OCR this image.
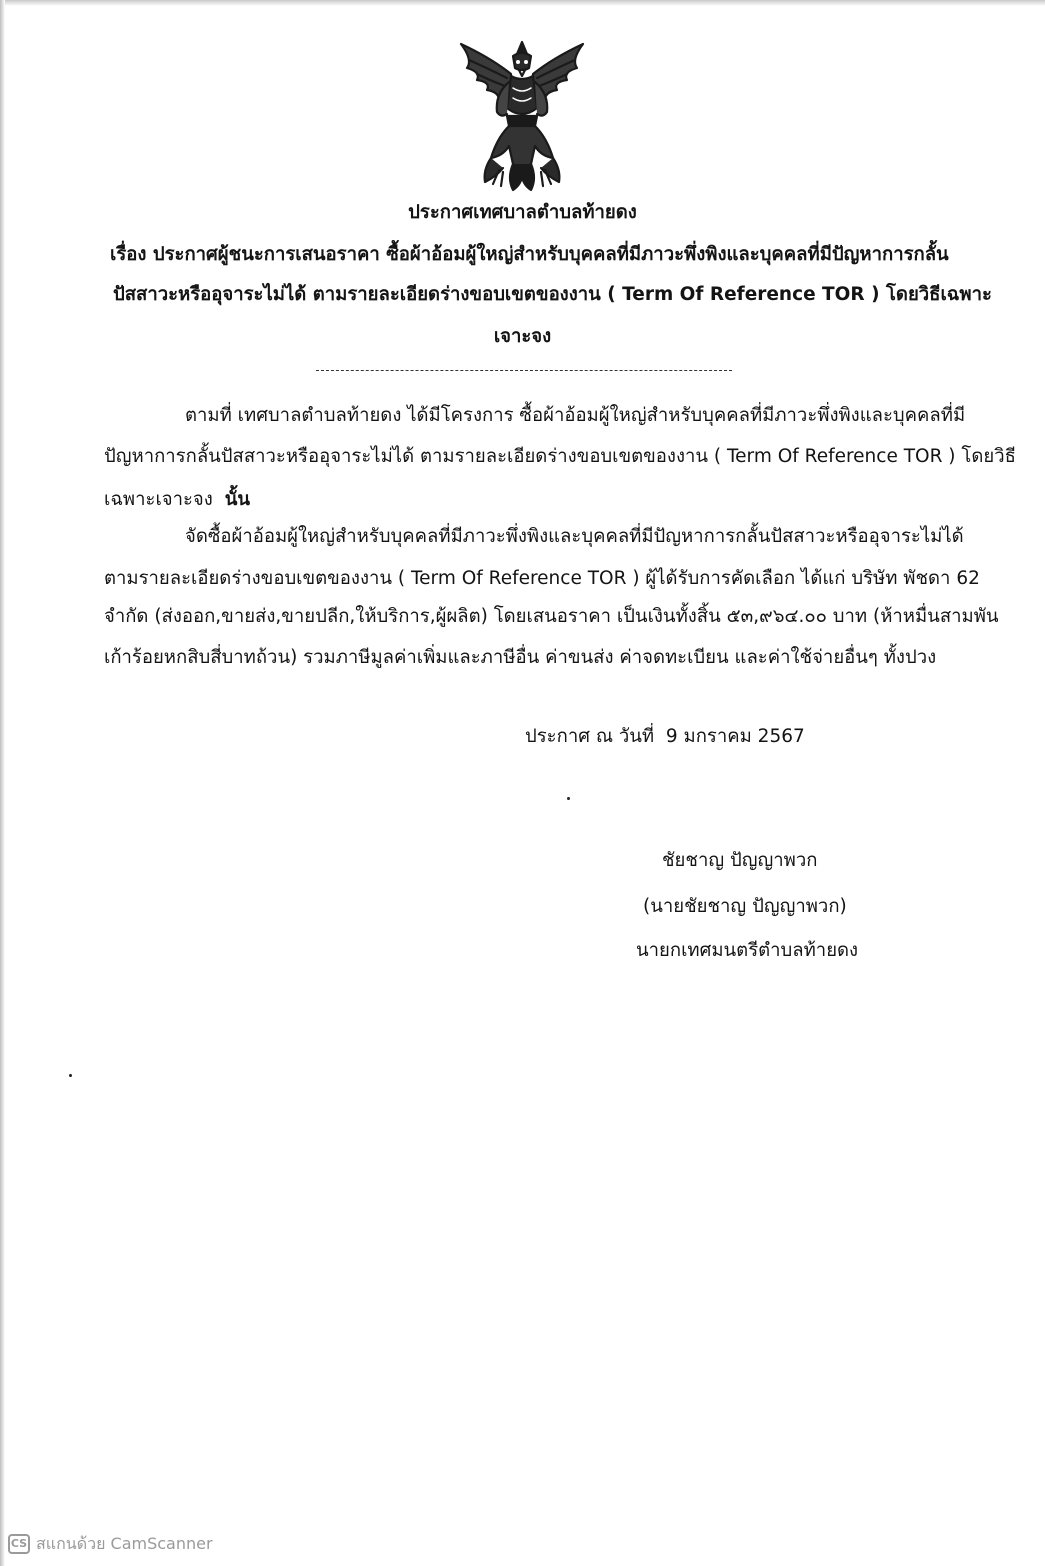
ประกาศเทศบาลตำบลท้ายดง
เรื่อง ประกาศผู้ชนะการเสนอราคา ซื้อผ้าอ้อมผู้ใหญ่สำหรับบุคคลที่มีภาวะพึ่งพิงและบุคคลที่มีปัญหาการกลั้น
ปัสสาวะหรืออุจาระไม่ได้ ตามรายละเอียดร่างขอบเขตของงาน ( Term Of Reference TOR ) โดยวิธีเฉพาะ
เจาะจง
ตามที่ เทศบาลตำบลท้ายดง ได้มีโครงการ ซื้อผ้าอ้อมผู้ใหญ่สำหรับบุคคลที่มีภาวะพึ่งพิงและบุคคลที่มี
ปัญหาการกลั้นปัสสาวะหรืออุจาระไม่ได้ ตามรายละเอียดร่างขอบเขตของงาน ( Term Of Reference TOR ) โดยวิธี
เฉพาะเจาะจง นั้น
จัดซื้อผ้าอ้อมผู้ใหญ่สำหรับบุคคลที่มีภาวะพึ่งพิงและบุคคลที่มีปัญหาการกลั้นปัสสาวะหรืออุจาระไม่ได้
ตามรายละเอียดร่างขอบเขตของงาน ( Term Of Reference TOR ) ผู้ได้รับการคัดเลือก ได้แก่ บริษัท พัชดา 62
จำกัด (ส่งออก,ขายส่ง,ขายปลีก,ให้บริการ,ผู้ผลิต) โดยเสนอราคา เป็นเงินทั้งสิ้น ๕๓,๙๖๔.๐๐ บาท (ห้าหมื่นสามพัน
เก้าร้อยหกสิบสี่บาทถ้วน) รวมภาษีมูลค่าเพิ่มและภาษีอื่น ค่าขนส่ง ค่าจดทะเบียน และค่าใช้จ่ายอื่นๆ ทั้งปวง
ประกาศ ณ วันที่  9 มกราคม 2567
ชัยชาญ ปัญญาพวก
(นายชัยชาญ ปัญญาพวก)
นายกเทศมนตรีตำบลท้ายดง
CS สแกนด้วย CamScanner
